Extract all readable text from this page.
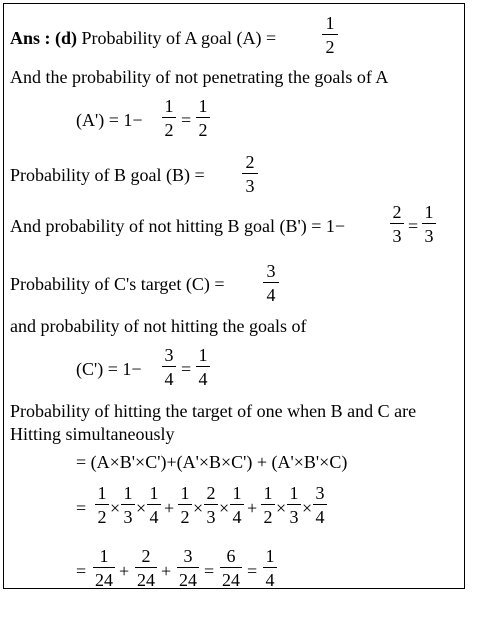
Ans : (d) Probability of A goal (A) =
1
2
And the probability of not penetrating the goals of A
(A') = 1−
1
2 =
1
2
Probability of B goal (B) =
2
3
And probability of not hitting B goal (B') = 1−
2
3 =
1
3
Probability of C's target (C) =
3
4
and probability of not hitting the goals of
(C') = 1−
3
4 =
1
4
Probability of hitting the target of one when B and C are
Hitting simultaneously
= (A×B'×C')+(A'×B×C') + (A'×B'×C)
=
1
2 ×
1
3 ×
1
4 +
1
2 ×
2
3 ×
1
4 +
1
2 ×
1
3 ×
3
4
=
1
24 +
2
24 +
3
24 =
6
24 =
1
4
